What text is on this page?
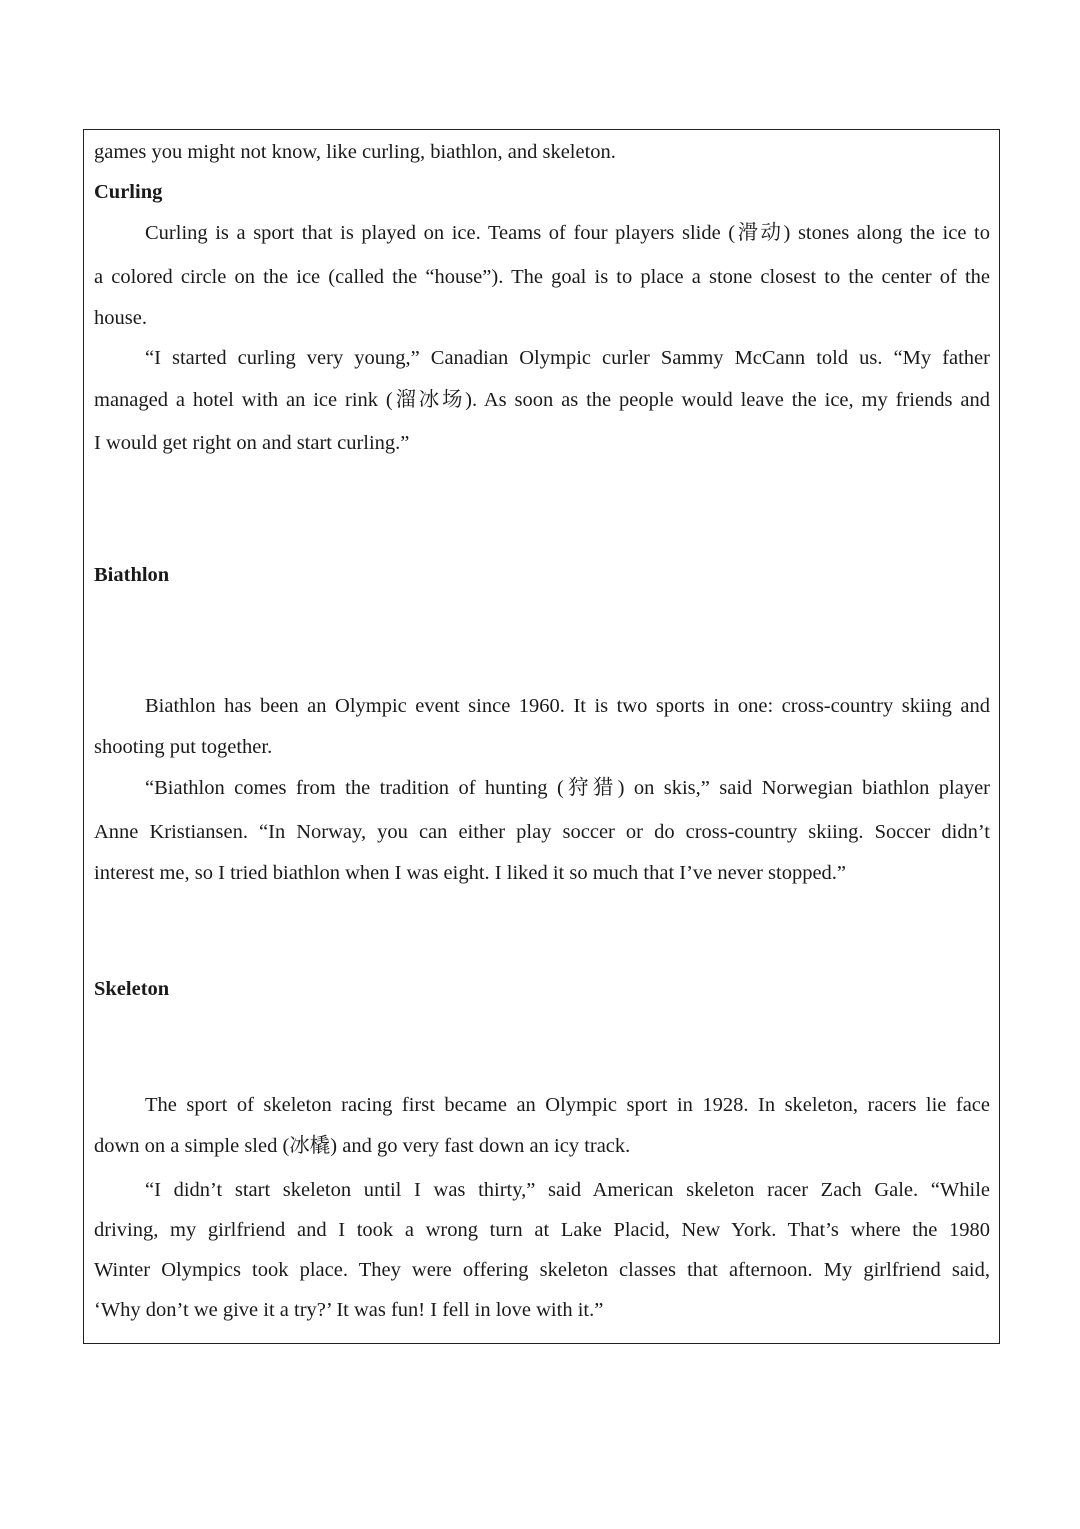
games you might not know, like curling, biathlon, and skeleton.
Curling
Curling is a sport that is played on ice. Teams of four players slide (滑动) stones along the ice to
a colored circle on the ice (called the “house”). The goal is to place a stone closest to the center of the
house.
“I started curling very young,” Canadian Olympic curler Sammy McCann told us. “My father
managed a hotel with an ice rink (溜冰场). As soon as the people would leave the ice, my friends and
I would get right on and start curling.”
Biathlon
Biathlon has been an Olympic event since 1960. It is two sports in one: cross-country skiing and
shooting put together.
“Biathlon comes from the tradition of hunting (狩猎) on skis,” said Norwegian biathlon player
Anne Kristiansen. “In Norway, you can either play soccer or do cross-country skiing. Soccer didn’t
interest me, so I tried biathlon when I was eight. I liked it so much that I’ve never stopped.”
Skeleton
The sport of skeleton racing first became an Olympic sport in 1928. In skeleton, racers lie face
down on a simple sled (冰橇) and go very fast down an icy track.
“I didn’t start skeleton until I was thirty,” said American skeleton racer Zach Gale. “While
driving, my girlfriend and I took a wrong turn at Lake Placid, New York. That’s where the 1980
Winter Olympics took place. They were offering skeleton classes that afternoon. My girlfriend said,
‘Why don’t we give it a try?’ It was fun! I fell in love with it.”
